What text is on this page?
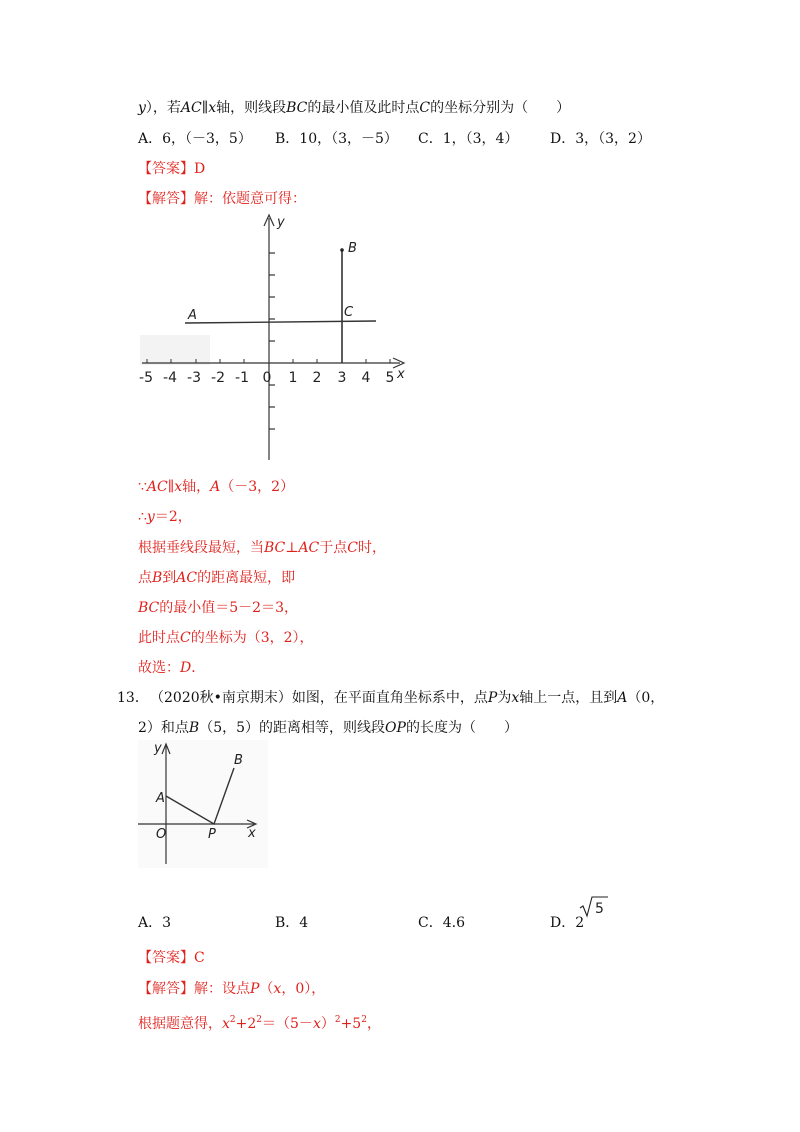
y），若AC∥x轴，则线段BC的最小值及此时点C的坐标分别为（　　）
A．6，（－3，5） B．10，（3，－5） C．1，（3，4） D．3，（3，2）
【答案】D
【解答】解：依题意可得：
-5 -4 -3 -2 -1 0 1 2 3 4 5 x
y
A
B
C
∵AC∥x轴，A（－3，2）
∴y＝2，
根据垂线段最短，当BC⊥AC于点C时，
点B到AC的距离最短，即
BC的最小值＝5－2＝3，
此时点C的坐标为（3，2），
故选：D．
13． （2020秋•南京期末）如图，在平面直角坐标系中，点P为x轴上一点，且到A（0，
2）和点B（5，5）的距离相等，则线段OP的长度为（　　）
y
x
A
B
O	P
A．3	B．4	C．4.6	D．2
5
【答案】C
【解答】解：设点P（x，0），
根据题意得，$x^2+2^2=(5-x)^2+5^2$，
